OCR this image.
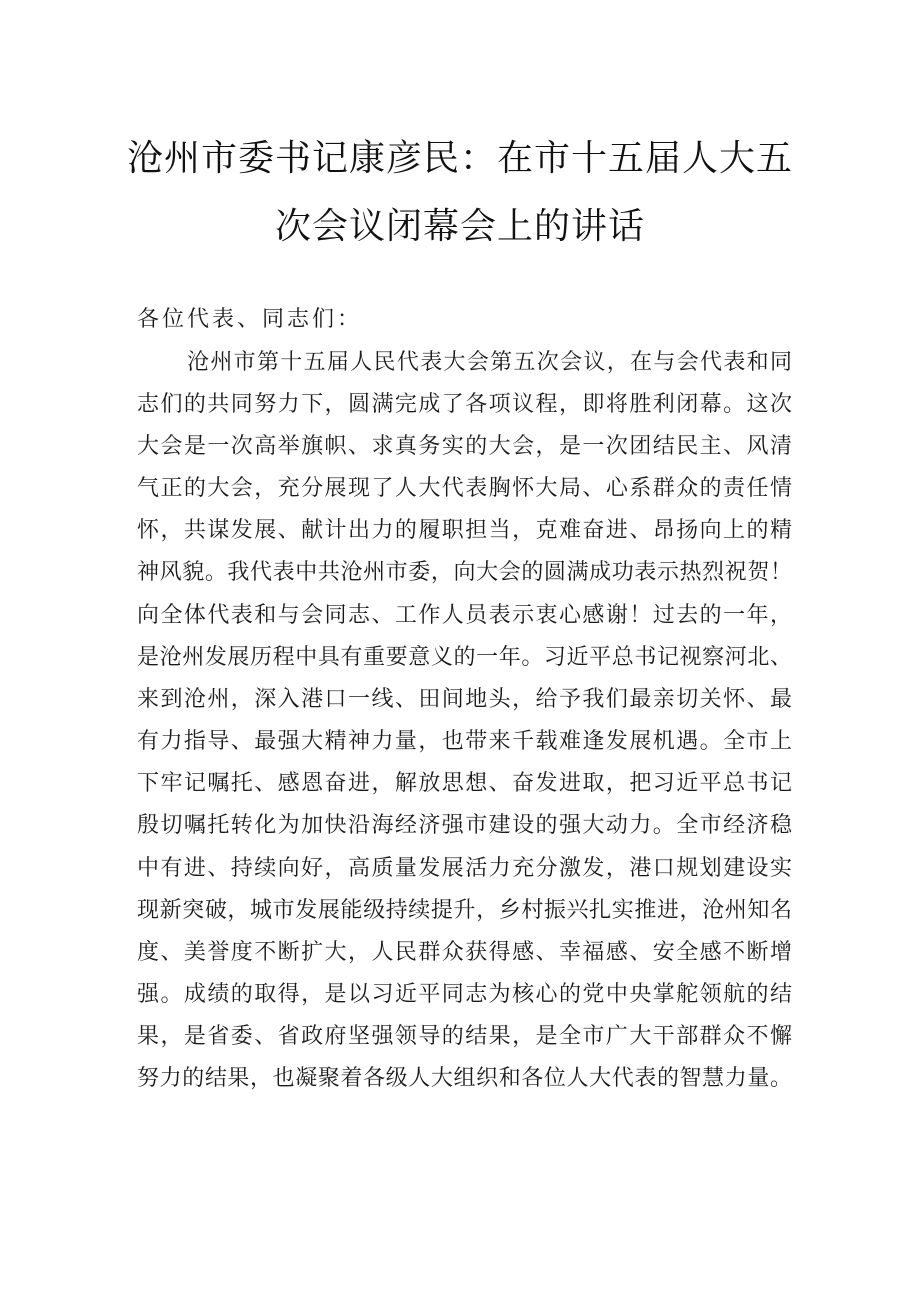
沧州市委书记康彦民：在市十五届人大五
次会议闭幕会上的讲话
各位代表、同志们：
沧州市第十五届人民代表大会第五次会议，在与会代表和同
志们的共同努力下，圆满完成了各项议程，即将胜利闭幕。这次
大会是一次高举旗帜、求真务实的大会，是一次团结民主、风清
气正的大会，充分展现了人大代表胸怀大局、心系群众的责任情
怀，共谋发展、献计出力的履职担当，克难奋进、昂扬向上的精
神风貌。我代表中共沧州市委，向大会的圆满成功表示热烈祝贺！
向全体代表和与会同志、工作人员表示衷心感谢！过去的一年，
是沧州发展历程中具有重要意义的一年。习近平总书记视察河北、
来到沧州，深入港口一线、田间地头，给予我们最亲切关怀、最
有力指导、最强大精神力量，也带来千载难逢发展机遇。全市上
下牢记嘱托、感恩奋进，解放思想、奋发进取，把习近平总书记
殷切嘱托转化为加快沿海经济强市建设的强大动力。全市经济稳
中有进、持续向好，高质量发展活力充分激发，港口规划建设实
现新突破，城市发展能级持续提升，乡村振兴扎实推进，沧州知名
度、美誉度不断扩大，人民群众获得感、幸福感、安全感不断增
强。成绩的取得，是以习近平同志为核心的党中央掌舵领航的结
果，是省委、省政府坚强领导的结果，是全市广大干部群众不懈
努力的结果，也凝聚着各级人大组织和各位人大代表的智慧力量。
